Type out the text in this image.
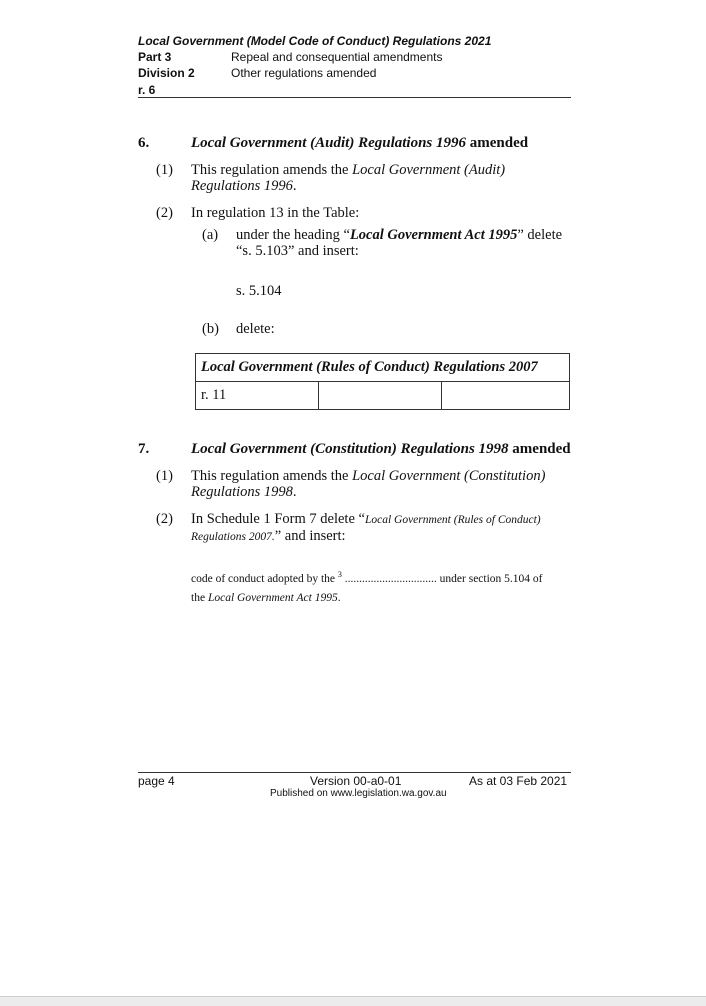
Local Government (Model Code of Conduct) Regulations 2021
Part 3	Repeal and consequential amendments
Division 2	Other regulations amended
r. 6
6.	Local Government (Audit) Regulations 1996 amended
(1) This regulation amends the Local Government (Audit)
Regulations 1996.
(2) In regulation 13 in the Table:
(a) under the heading “Local Government Act 1995” delete
“s. 5.103” and insert:
s. 5.104
(b) delete:
Local Government (Rules of Conduct) Regulations 2007
r. 11		
7.	Local Government (Constitution) Regulations 1998 amended
(1) This regulation amends the Local Government (Constitution)
Regulations 1998.
(2) In Schedule 1 Form 7 delete “Local Government (Rules of Conduct)
Regulations 2007.” and insert:
code of conduct adopted by the $^3$ ................................ under section 5.104 of
the Local Government Act 1995.
page 4	Version 00-a0-01	As at 03 Feb 2021
Published on www.legislation.wa.gov.au
